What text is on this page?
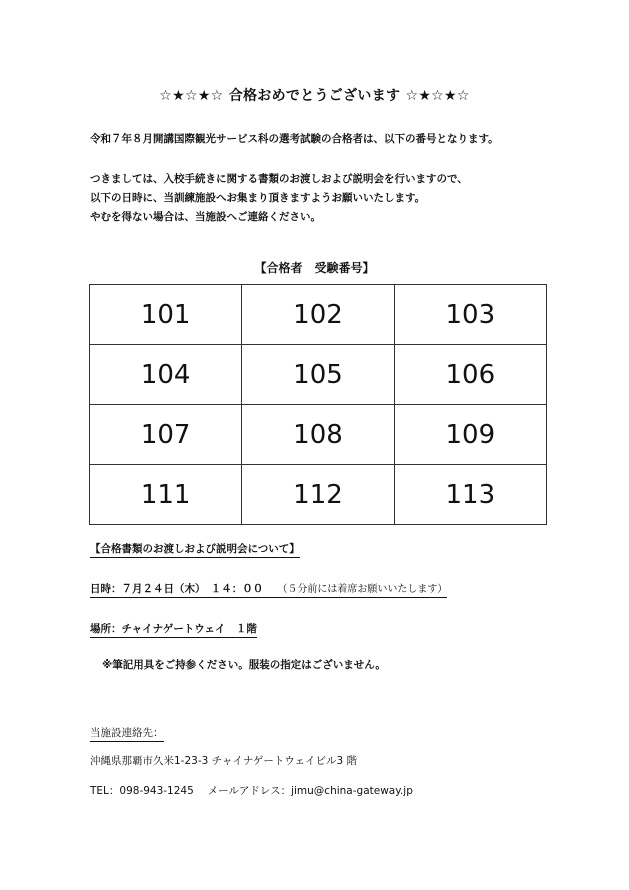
☆★☆★☆ 合格おめでとうございます ☆★☆★☆
令和７年８月開講国際観光サービス科の選考試験の合格者は、以下の番号となります。
つきましては、入校手続きに関する書類のお渡しおよび説明会を行いますので、
以下の日時に、当訓練施設へお集まり頂きますようお願いいたします。
やむを得ない場合は、当施設へご連絡ください。
【合格者　受験番号】
101	102	103
104	105	106
107	108	109
111	112	113
【合格書類のお渡しおよび説明会について】
日時：７月２４日（木）　１４：００　 （５分前には着席お願いいたします）
場所：チャイナゲートウェイ　１階
※筆記用具をご持参ください。服装の指定はございません。
当施設連絡先：
沖縄県那覇市久米1-23-3 チャイナゲートウェイビル3 階
TEL：098-943-1245　 メールアドレス：jimu@china-gateway.jp
